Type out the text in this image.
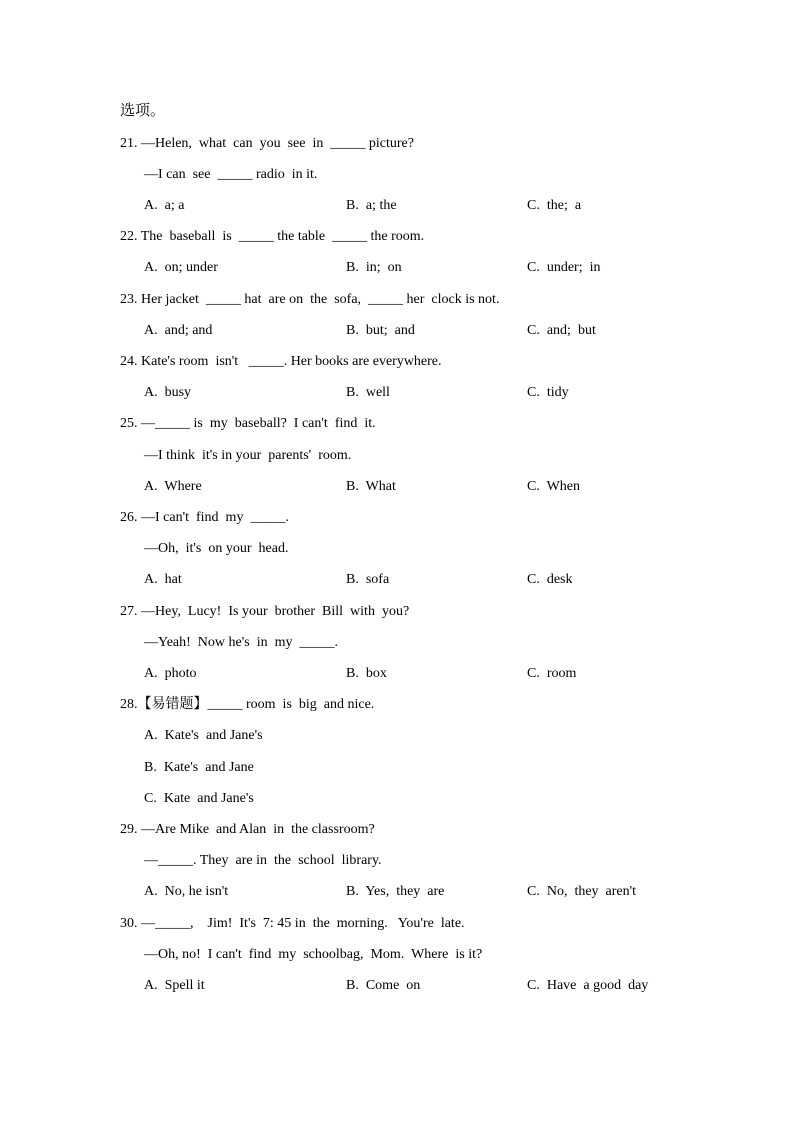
选项。
21. —Helen,  what  can  you  see  in  _____ picture?
—I can  see  _____ radio  in it.
A.  a; a	B.  a; the	C.  the;  a
22. The  baseball  is  _____ the table  _____ the room.
A.  on; under	B.  in;  on	C.  under;  in
23. Her jacket  _____ hat  are on  the  sofa,  _____ her  clock is not.
A.  and; and	B.  but;  and	C.  and;  but
24. Kate's room  isn't   _____. Her books are everywhere.
A.  busy	B.  well	C.  tidy
25. —_____ is  my  baseball?  I can't  find  it.
—I think  it's in your  parents'  room.
A.  Where	B.  What	C.  When
26. —I can't  find  my  _____.
—Oh,  it's  on your  head.
A.  hat	B.  sofa	C.  desk
27. —Hey,  Lucy!  Is your  brother  Bill  with  you?
—Yeah!  Now he's  in  my  _____.
A.  photo	B.  box	C.  room
28.【易错题】_____ room  is  big  and nice.
A.  Kate's  and Jane's
B.  Kate's  and Jane
C.  Kate  and Jane's
29. —Are Mike  and Alan  in  the classroom?
—_____. They  are in  the  school  library.
A.  No, he isn't	B.  Yes,  they  are	C.  No,  they  aren't
30. —_____,    Jim!  It's  7: 45 in  the  morning.   You're  late.
—Oh, no!  I can't  find  my  schoolbag,  Mom.  Where  is it?
A.  Spell it	B.  Come  on	C.  Have  a good  day
